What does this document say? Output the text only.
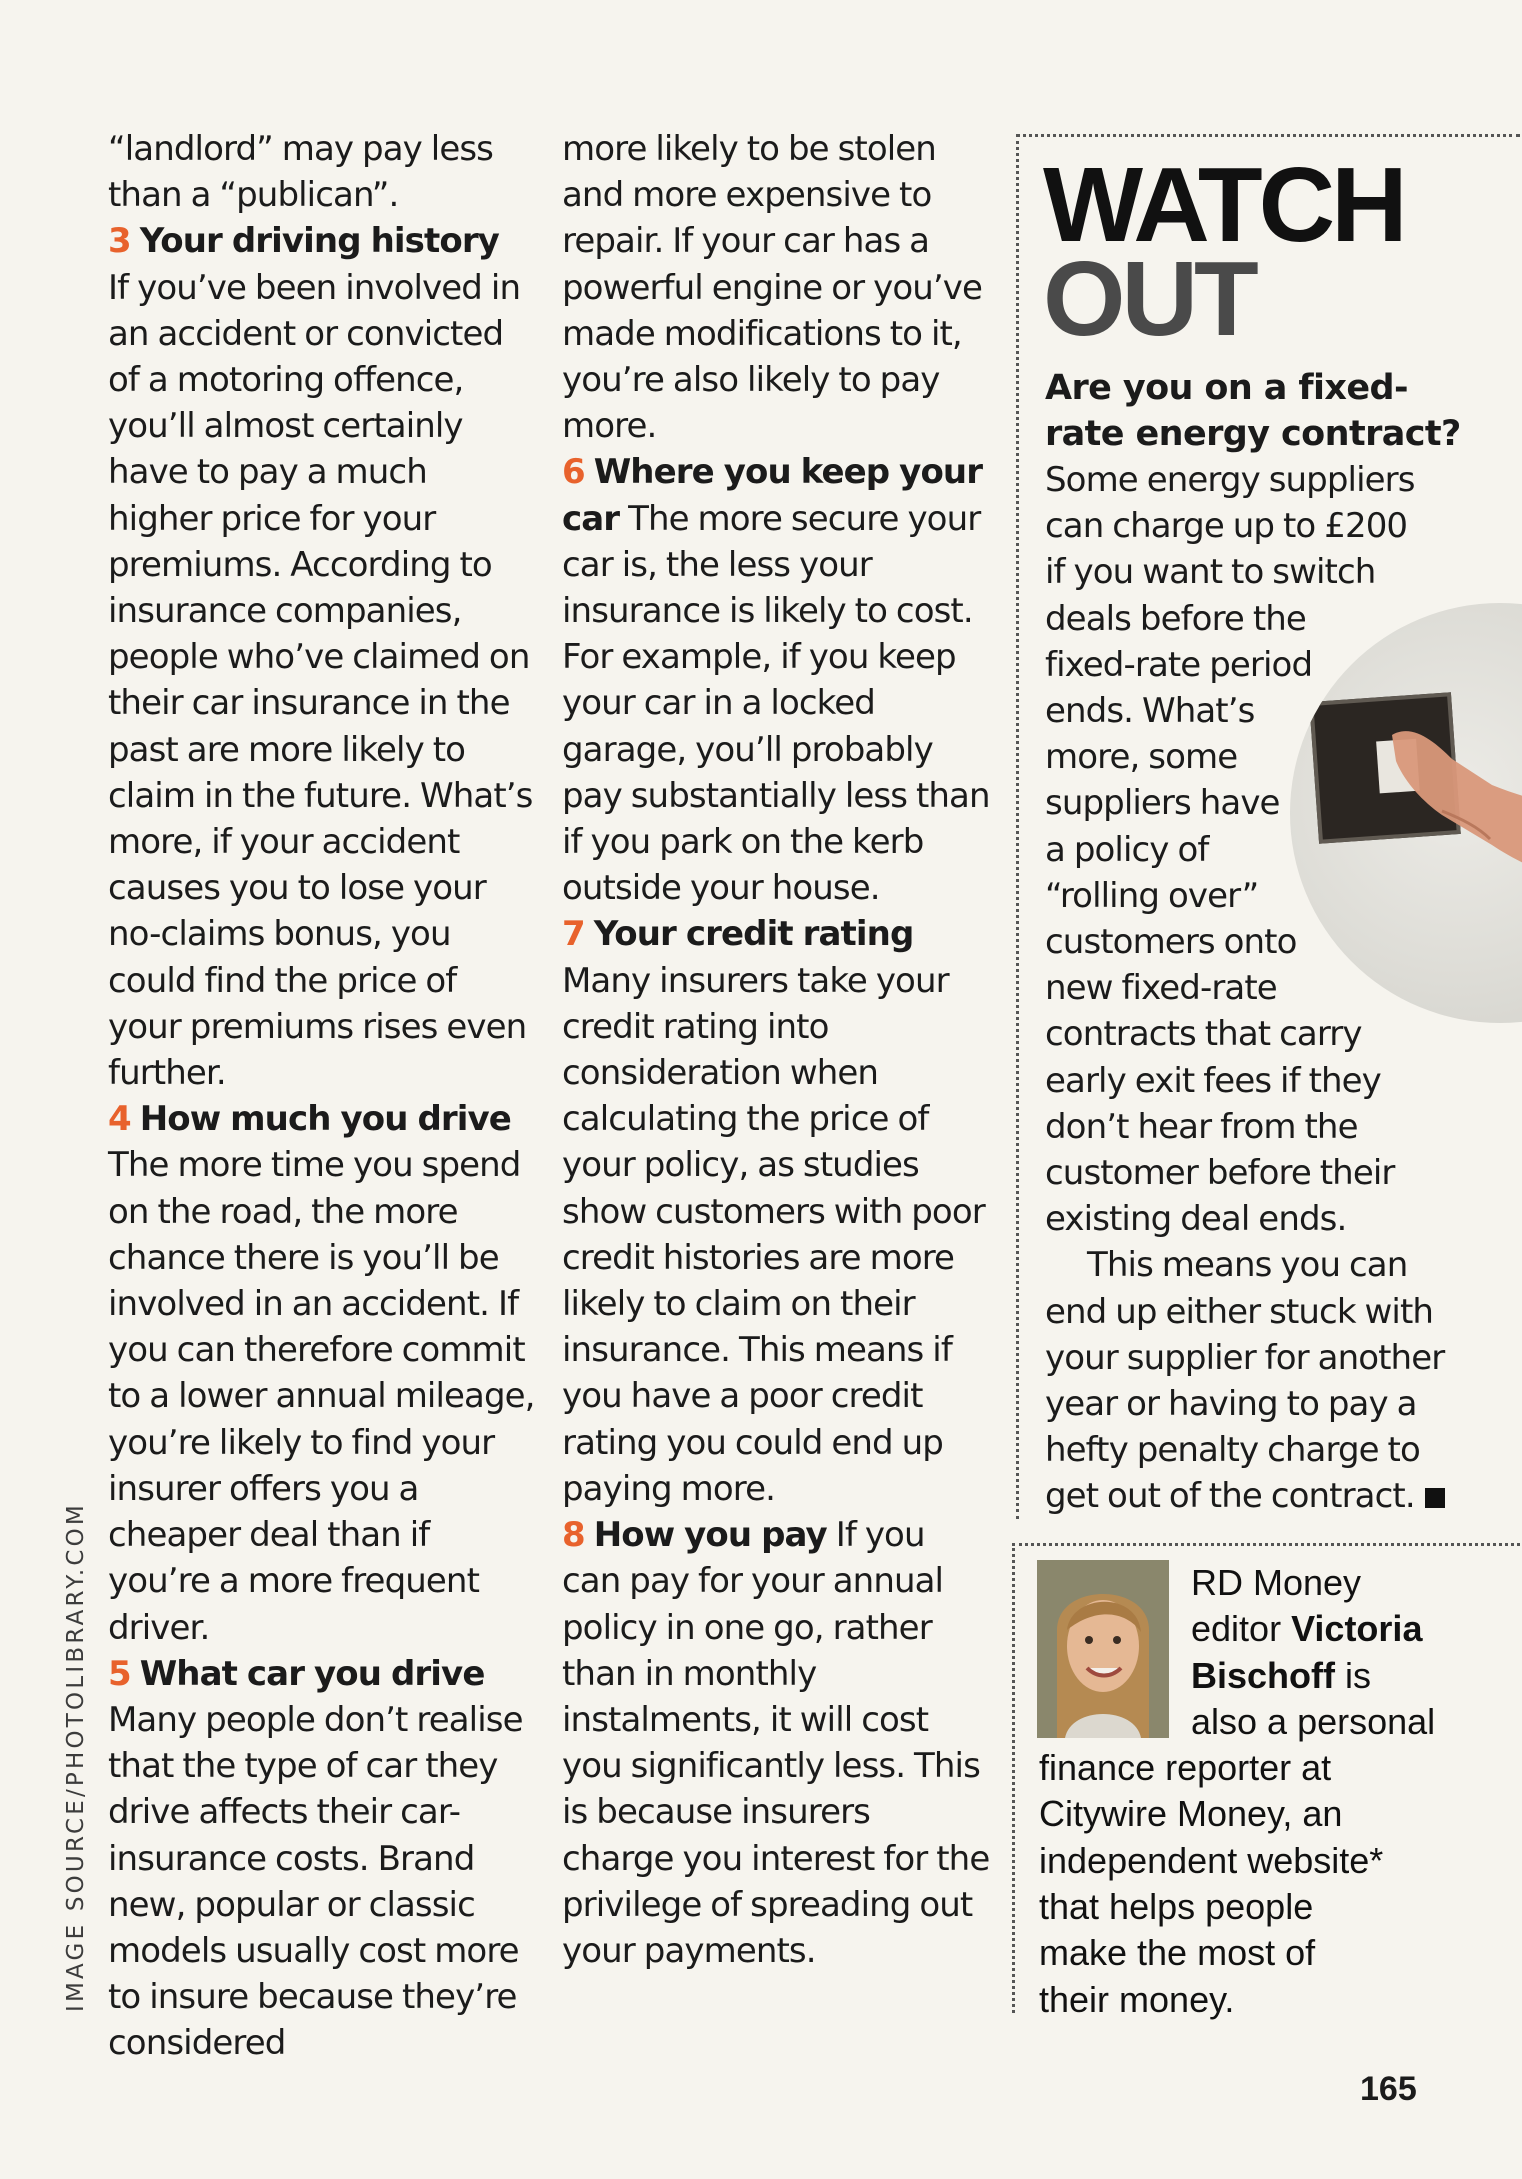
“landlord” may pay less than a “publican”.

3 Your driving history
If you’ve been involved in an accident or convicted of a motoring offence, you’ll almost certainly have to pay a much higher price for your premiums. According to insurance companies, people who’ve claimed on their car insurance in the past are more likely to claim in the future. What’s more, if your accident causes you to lose your no-claims bonus, you could find the price of your premiums rises even further.

4 How much you drive
The more time you spend on the road, the more chance there is you’ll be involved in an accident. If you can therefore commit to a lower annual mileage, you’re likely to find your insurer offers you a cheaper deal than if you’re a more frequent driver.

5 What car you drive
Many people don’t realise that the type of car they drive affects their car-insurance costs. Brand new, popular or classic models usually cost more to insure because they’re considered

more likely to be stolen and more expensive to repair. If your car has a powerful engine or you’ve made modifications to it, you’re also likely to pay more.

6 Where you keep your car The more secure your car is, the less your insurance is likely to cost. For example, if you keep your car in a locked garage, you’ll probably pay substantially less than if you park on the kerb outside your house.

7 Your credit rating
Many insurers take your credit rating into consideration when calculating the price of your policy, as studies show customers with poor credit histories are more likely to claim on their insurance. This means if you have a poor credit rating you could end up paying more.

8 How you pay If you can pay for your annual policy in one go, rather than in monthly instalments, it will cost you significantly less. This is because insurers charge you interest for the privilege of spreading out your payments.

IMAGE SOURCE/PHOTOLIBRARY.COM
WATCH
OUT
Are you on a fixed-rate energy contract?

Some energy suppliers
can charge up to £200
if you want to switch
deals before the
fixed-rate period
ends. What’s
more, some
suppliers have
a policy of
“rolling over”
customers onto
new fixed-rate
contracts that carry
early exit fees if they
don’t hear from the
customer before their
existing deal ends.

This means you can end up either stuck with your supplier for another year or having to pay a hefty penalty charge to get out of the contract.

RD Money
editor Victoria
Bischoff is
also a personal
finance reporter at
Citywire Money, an
independent website*
that helps people
make the most of
their money.
165
